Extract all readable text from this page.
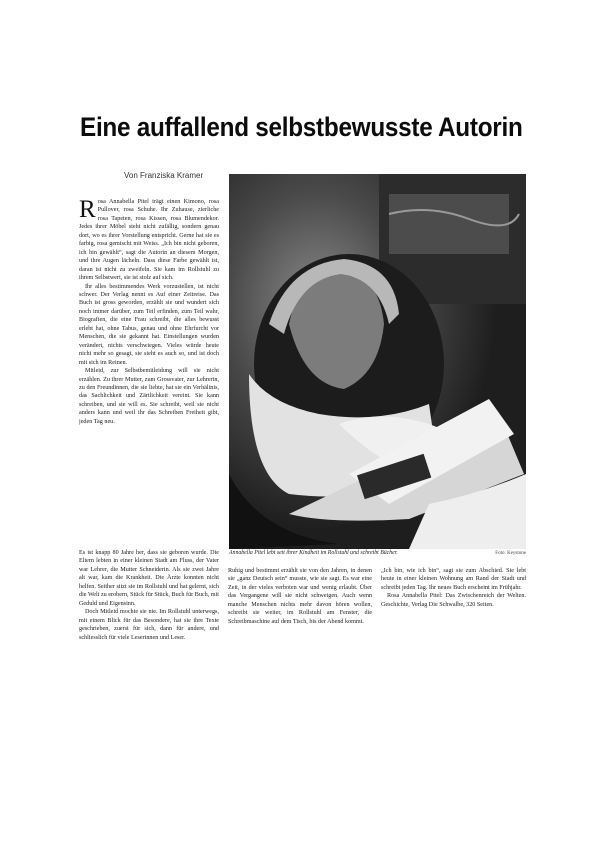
Eine auffallend selbstbewusste Autorin
Von Franziska Kramer

Rosa Annabella Pitel trägt einen Kimono, rosa Pullover, rosa Schuhe. Ihr Zuhause, zierliche rosa Tapeten, rosa Kissen, rosa Blumendekor. Jedes ihrer Möbel steht nicht zufällig, sondern genau dort, wo es ihrer Vorstellung entspricht. Gerne hat sie es farbig, rosa gemischt mit Weiss. „Ich bin nicht geboren, ich bin gewählt“, sagt die Autorin an diesem Morgen, und ihre Augen lächeln. Dass diese Farbe gewählt ist, daran ist nicht zu zweifeln. Sie kam im Rollstuhl zu ihrem Selbstwert, sie ist stolz auf sich.

Ihr alles bestimmendes Werk vorzustellen, ist nicht schwer. Der Verlag nennt es Auf einer Zeitreise. Das Buch ist gross geworden, erzählt sie und wundert sich noch immer darüber, zum Teil erfinden, zum Teil wahr, Biografien, die eine Frau schreibt, die alles bewusst erlebt hat, ohne Tabus, genau und ohne Ehrfurcht vor Menschen, die sie gekannt hat. Einstellungen wurden verändert, nichts verschwiegen. Vieles würde heute nicht mehr so gesagt, sie sieht es auch so, und ist doch mit sich im Reinen.

Mitleid, zur Selbstbemitleidung will sie nicht erzählen. Zu ihrer Mutter, zum Grossvater, zur Lehrerin, zu den Freundinnen, die sie liebte, hat sie ein Verhältnis, das Sachlichkeit und Zärtlichkeit vereint. Sie kann schreiben, und sie will es. Sie schreibt, weil sie nicht anders kann und weil ihr das Schreiben Freiheit gibt, jeden Tag neu.

Annabella Pitel lebt seit ihrer Kindheit im Rollstuhl und schreibt Bücher.	Foto: Keystone

Es ist knapp 80 Jahre her, dass sie geboren wurde. Die Eltern lebten in einer kleinen Stadt am Fluss, der Vater war Lehrer, die Mutter Schneiderin. Als sie zwei Jahre alt war, kam die Krankheit. Die Ärzte konnten nicht helfen. Seither sitzt sie im Rollstuhl und hat gelernt, sich die Welt zu erobern, Stück für Stück, Buch für Buch, mit Geduld und Eigensinn.

Doch Mitleid mochte sie nie. Im Rollstuhl unterwegs, mit einem Blick für das Besondere, hat sie ihre Texte geschrieben, zuerst für sich, dann für andere, und schliesslich für viele Leserinnen und Leser.

Ruhig und bestimmt erzählt sie von den Jahren, in denen sie „ganz Deutsch sein“ musste, wie sie sagt. Es war eine Zeit, in der vieles verboten war und wenig erlaubt. Über das Vergangene will sie nicht schweigen. Auch wenn manche Menschen nichts mehr davon hören wollen, schreibt sie weiter, im Rollstuhl am Fenster, die Schreibmaschine auf dem Tisch, bis der Abend kommt.

„Ich bin, wie ich bin“, sagt sie zum Abschied. Sie lebt heute in einer kleinen Wohnung am Rand der Stadt und schreibt jeden Tag. Ihr neues Buch erscheint im Frühjahr.

Rosa Annabella Pitel: Das Zwischenreich der Welten. Geschichte, Verlag Die Schwalbe, 320 Seiten.
